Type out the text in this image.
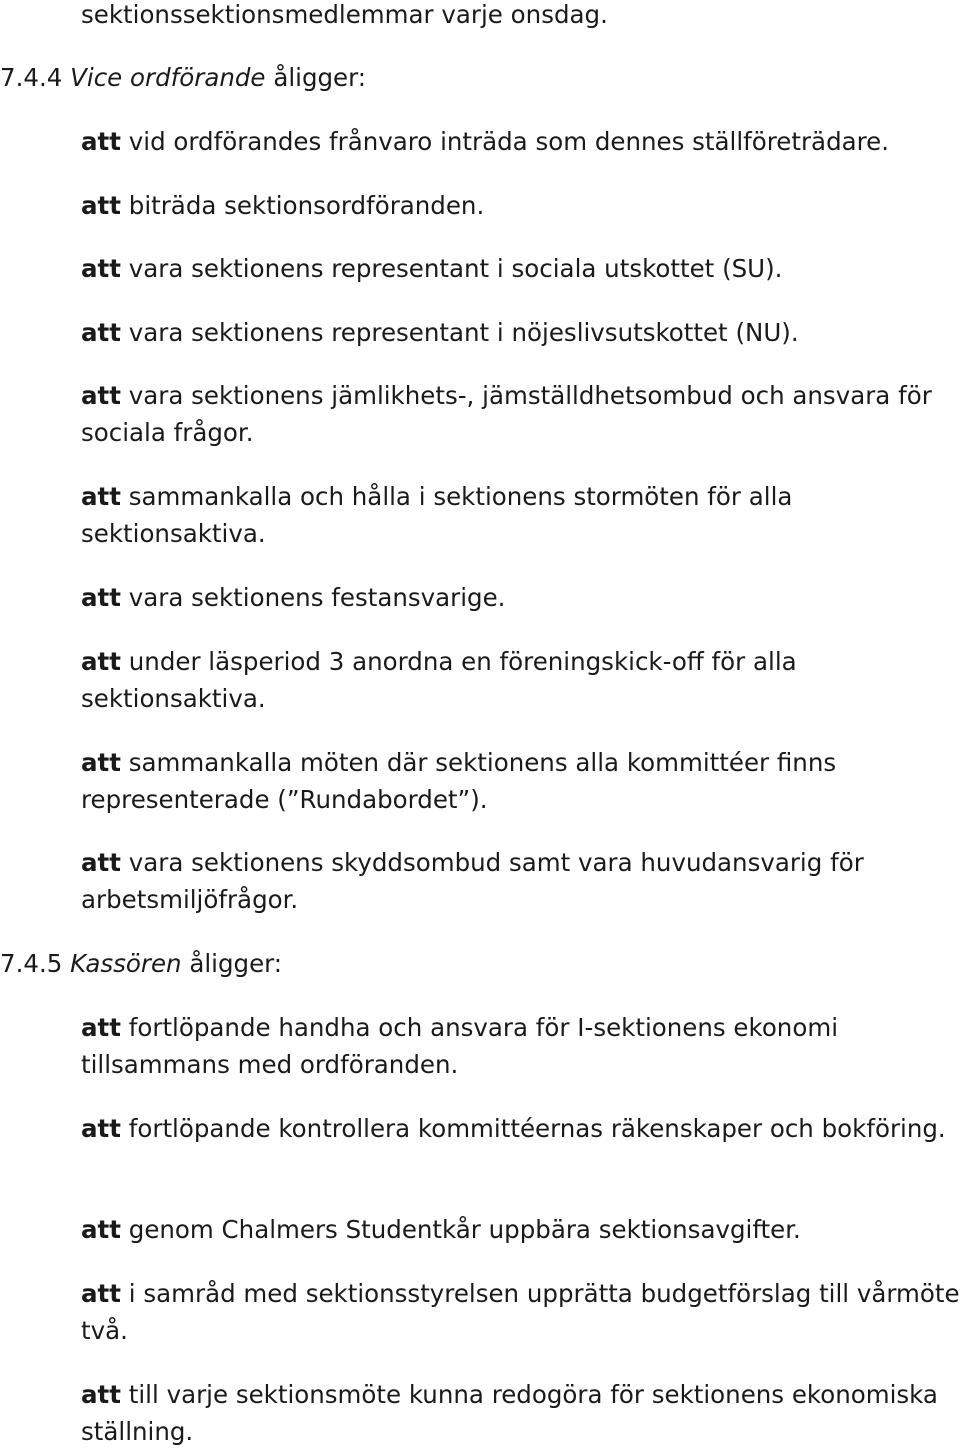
sektionssektionsmedlemmar varje onsdag.
7.4.4 Vice ordförande åligger:
att vid ordförandes frånvaro inträda som dennes ställföreträdare.
att biträda sektionsordföranden.
att vara sektionens representant i sociala utskottet (SU).
att vara sektionens representant i nöjeslivsutskottet (NU).
att vara sektionens jämlikhets-, jämställdhetsombud och ansvara för sociala frågor.
att sammankalla och hålla i sektionens stormöten för alla sektionsaktiva.
att vara sektionens festansvarige.
att under läsperiod 3 anordna en föreningskick-off för alla sektionsaktiva.
att sammankalla möten där sektionens alla kommittéer finns representerade (”Rundabordet”).
att vara sektionens skyddsombud samt vara huvudansvarig för arbetsmiljöfrågor.
7.4.5 Kassören åligger:
att fortlöpande handha och ansvara för I-sektionens ekonomi tillsammans med ordföranden.
att fortlöpande kontrollera kommittéernas räkenskaper och bokföring.
att genom Chalmers Studentkår uppbära sektionsavgifter.
att i samråd med sektionsstyrelsen upprätta budgetförslag till vårmöte två.
att till varje sektionsmöte kunna redogöra för sektionens ekonomiska ställning.
